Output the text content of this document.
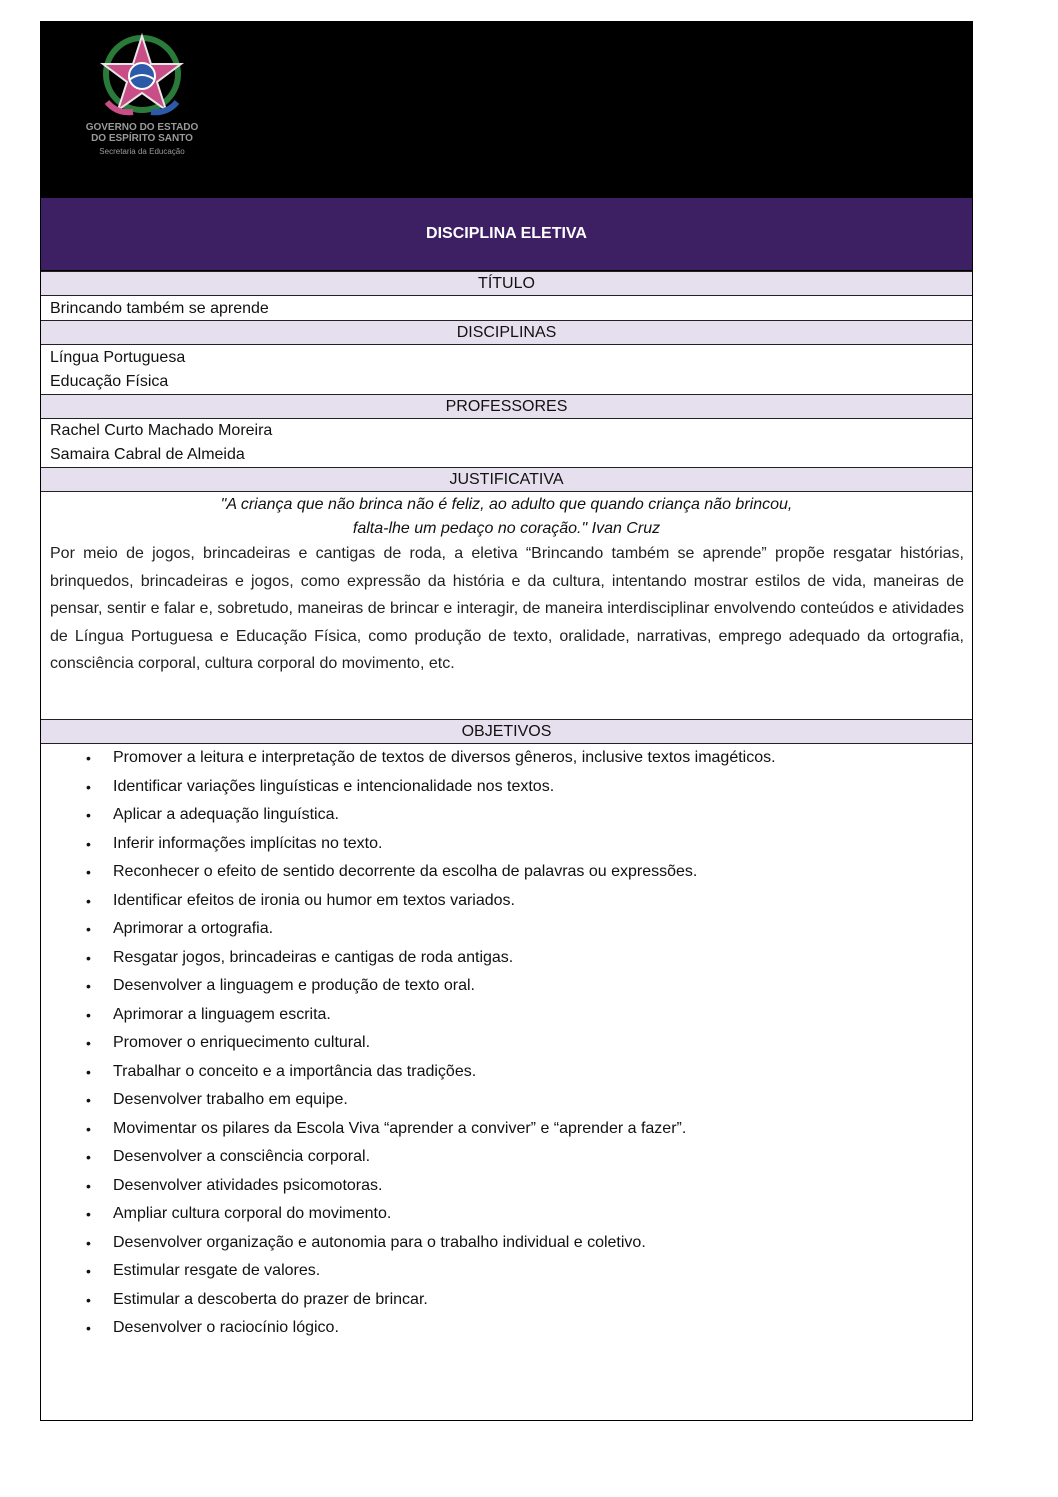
GOVERNO DO ESTADO
DO ESPÍRITO SANTO
Secretaria da Educação
DISCIPLINA ELETIVA
TÍTULO
Brincando também se aprende
DISCIPLINAS
Língua Portuguesa
Educação Física
PROFESSORES
Rachel Curto Machado Moreira
Samaira Cabral de Almeida
JUSTIFICATIVA
"A criança que não brinca não é feliz, ao adulto que quando criança não brincou,
falta-lhe um pedaço no coração." Ivan Cruz
Por meio de jogos, brincadeiras e cantigas de roda, a eletiva “Brincando também se aprende” propõe resgatar histórias, brinquedos, brincadeiras e jogos, como expressão da história e da cultura, intentando mostrar estilos de vida, maneiras de pensar, sentir e falar e, sobretudo, maneiras de brincar e interagir, de maneira interdisciplinar envolvendo conteúdos e atividades de Língua Portuguesa e Educação Física, como produção de texto, oralidade, narrativas, emprego adequado da ortografia, consciência corporal, cultura corporal do movimento, etc.
OBJETIVOS
• Promover a leitura e interpretação de textos de diversos gêneros, inclusive textos imagéticos.
• Identificar variações linguísticas e intencionalidade nos textos.
• Aplicar a adequação linguística.
• Inferir informações implícitas no texto.
• Reconhecer o efeito de sentido decorrente da escolha de palavras ou expressões.
• Identificar efeitos de ironia ou humor em textos variados.
• Aprimorar a ortografia.
• Resgatar jogos, brincadeiras e cantigas de roda antigas.
• Desenvolver a linguagem e produção de texto oral.
• Aprimorar a linguagem escrita.
• Promover o enriquecimento cultural.
• Trabalhar o conceito e a importância das tradições.
• Desenvolver trabalho em equipe.
• Movimentar os pilares da Escola Viva “aprender a conviver” e “aprender a fazer”.
• Desenvolver a consciência corporal.
• Desenvolver atividades psicomotoras.
• Ampliar cultura corporal do movimento.
• Desenvolver organização e autonomia para o trabalho individual e coletivo.
• Estimular resgate de valores.
• Estimular a descoberta do prazer de brincar.
• Desenvolver o raciocínio lógico.
